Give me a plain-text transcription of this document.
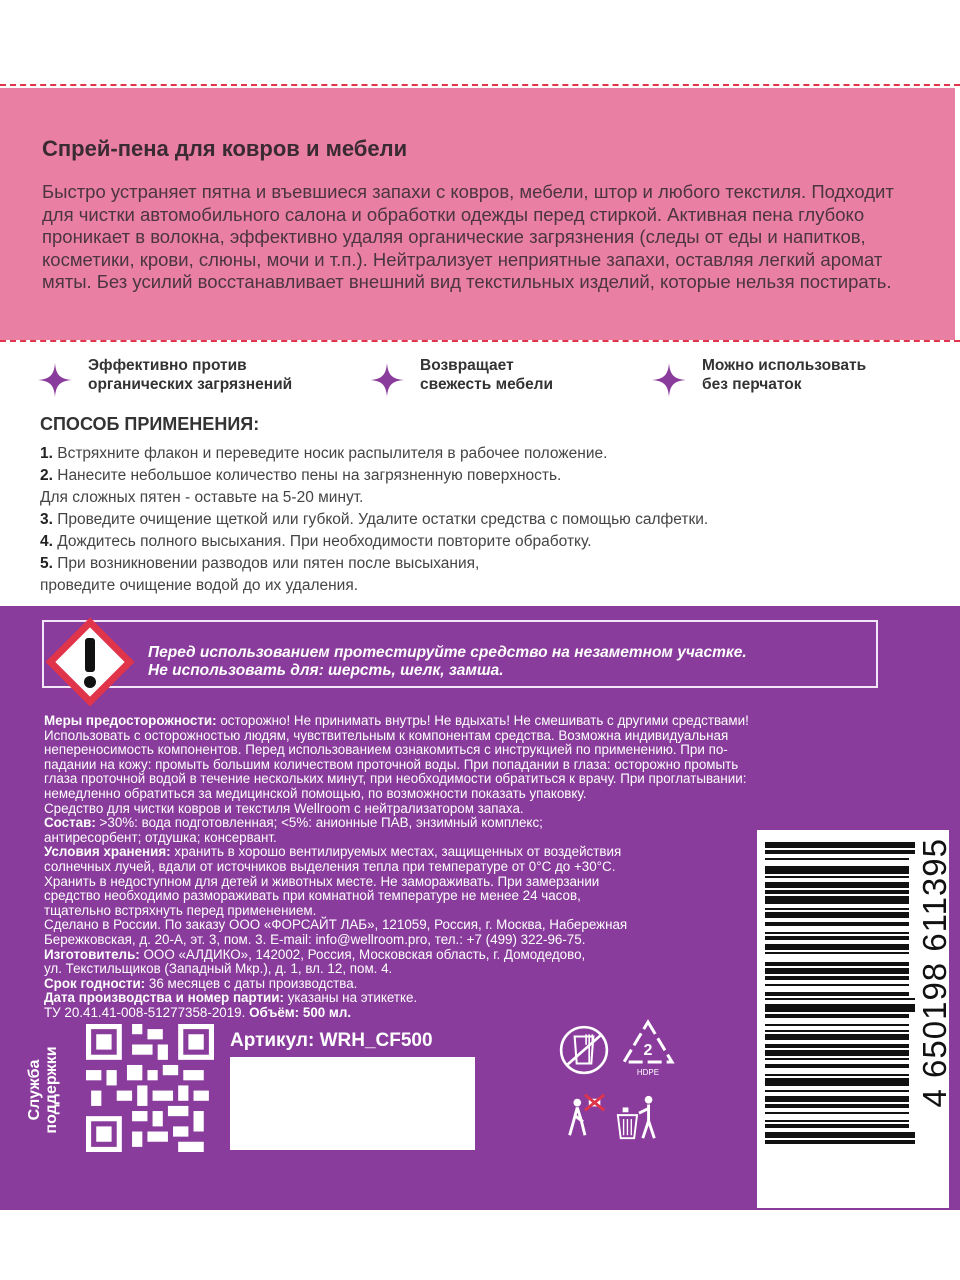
Спрей-пена для ковров и мебели

Быстро устраняет пятна и въевшиеся запахи с ковров, мебели, штор и любого текстиля. Подходит для чистки автомобильного салона и обработки одежды перед стиркой. Активная пена глубоко проникает в волокна, эффективно удаляя органические загрязнения (следы от еды и напитков, косметики, крови, слюны, мочи и т.п.). Нейтрализует неприятные запахи, оставляя легкий аромат мяты. Без усилий восстанавливает внешний вид текстильных изделий, которые нельзя постирать.

Эффективно против
органических загрязнений
Возвращает
свежесть мебели
Можно использовать
без перчаток
СПОСОБ ПРИМЕНЕНИЯ:
1. Встряхните флакон и переведите носик распылителя в рабочее положение.
2. Нанесите небольшое количество пены на загрязненную поверхность.
Для сложных пятен - оставьте на 5-20 минут.
3. Проведите очищение щеткой или губкой. Удалите остатки средства с помощью салфетки.
4. Дождитесь полного высыхания. При необходимости повторите обработку.
5. При возникновении разводов или пятен после высыхания,
проведите очищение водой до их удаления.
Перед использованием протестируйте средство на незаметном участке.
Не использовать для: шерсть, шелк, замша.
Меры предосторожности: осторожно! Не принимать внутрь! Не вдыхать! Не смешивать с другими средствами!
Использовать с осторожностью людям, чувствительным к компонентам средства. Возможна индивидуальная
непереносимость компонентов. Перед использованием ознакомиться с инструкцией по применению. При по-
падании на кожу: промыть большим количеством проточной воды. При попадании в глаза: осторожно промыть
глаза проточной водой в течение нескольких минут, при необходимости обратиться к врачу. При проглатывании:
немедленно обратиться за медицинской помощью, по возможности показать упаковку.
Средство для чистки ковров и текстиля Wellroom с нейтрализатором запаха.
Состав: >30%: вода подготовленная; <5%: анионные ПАВ, энзимный комплекс;
антиресорбент; отдушка; консервант.
Условия хранения: хранить в хорошо вентилируемых местах, защищенных от воздействия
солнечных лучей, вдали от источников выделения тепла при температуре от 0°С до +30°С.
Хранить в недоступном для детей и животных месте. Не замораживать. При замерзании
средство необходимо размораживать при комнатной температуре не менее 24 часов,
тщательно встряхнуть перед применением.
Сделано в России. По заказу ООО «ФОРСАЙТ ЛАБ», 121059, Россия, г. Москва, Набережная
Бережковская, д. 20-А, эт. 3, пом. 3. E-mail: info@wellroom.pro, тел.: +7 (499) 322-96-75.
Изготовитель: ООО «АЛДИКО», 142002, Россия, Московская область, г. Домодедово,
ул. Текстильщиков (Западный Мкр.), д. 1, вл. 12, пом. 4.
Срок годности: 36 месяцев с даты производства.
Дата производства и номер партии: указаны на этикетке.
ТУ 20.41.41-008-51277358-2019. Объём: 500 мл.
Артикул: WRH_CF500
Служба
поддержки	2
HDPE	4 650198 611395
